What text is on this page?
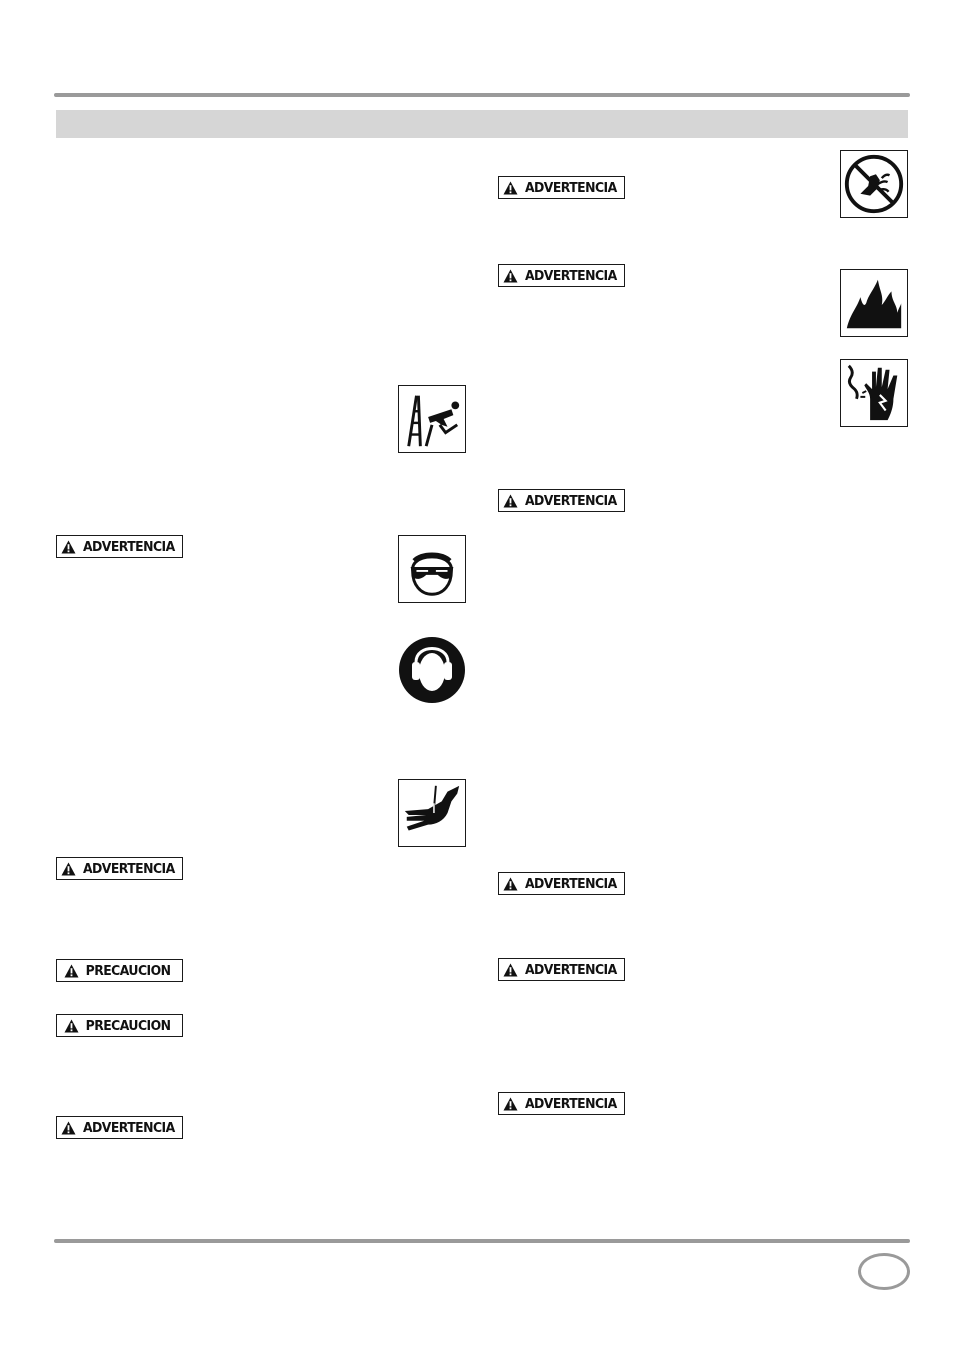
ADVERTENCIA
ADVERTENCIA
PRECAUCION
PRECAUCION
ADVERTENCIA
ADVERTENCIA
ADVERTENCIA
ADVERTENCIA
ADVERTENCIA
ADVERTENCIA
ADVERTENCIA
